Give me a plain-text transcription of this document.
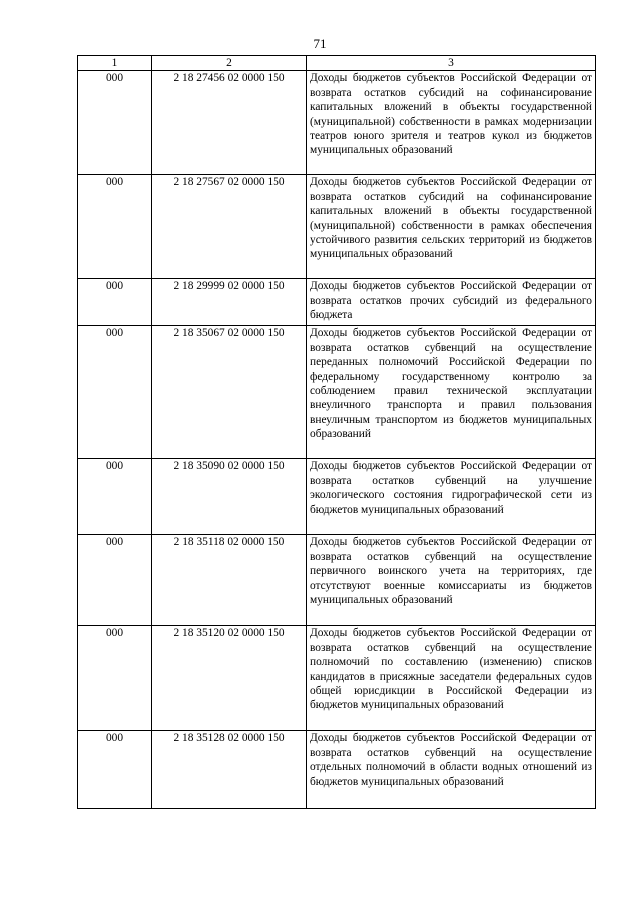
71
1	2	3
000	2 18 27456 02 0000 150	Доходы бюджетов субъектов Российской Федерации от возврата остатков субсидий на софинансирование капитальных вложений в объекты государственной (муниципальной) собственности в рамках модернизации театров юного зрителя и театров кукол из бюджетов муниципальных образований
000	2 18 27567 02 0000 150	Доходы бюджетов субъектов Российской Федерации от возврата остатков субсидий на софинансирование капитальных вложений в объекты государственной (муниципальной) собственности в рамках обеспечения устойчивого развития сельских территорий из бюджетов муниципальных образований
000	2 18 29999 02 0000 150	Доходы бюджетов субъектов Российской Федерации от возврата остатков прочих субсидий из федерального бюджета
000	2 18 35067 02 0000 150	Доходы бюджетов субъектов Российской Федерации от возврата остатков субвенций на осуществление переданных полномочий Российской Федерации по федеральному государственному контролю за соблюдением правил технической эксплуатации внеуличного транспорта и правил пользования внеуличным транспортом из бюджетов муниципальных образований
000	2 18 35090 02 0000 150	Доходы бюджетов субъектов Российской Федерации от возврата остатков субвенций на улучшение экологического состояния гидрографической сети из бюджетов муниципальных образований
000	2 18 35118 02 0000 150	Доходы бюджетов субъектов Российской Федерации от возврата остатков субвенций на осуществление первичного воинского учета на территориях, где отсутствуют военные комиссариаты из бюджетов муниципальных образований
000	2 18 35120 02 0000 150	Доходы бюджетов субъектов Российской Федерации от возврата остатков субвенций на осуществление полномочий по составлению (изменению) списков кандидатов в присяжные заседатели федеральных судов общей юрисдикции в Российской Федерации из бюджетов муниципальных образований
000	2 18 35128 02 0000 150	Доходы бюджетов субъектов Российской Федерации от возврата остатков субвенций на осуществление отдельных полномочий в области водных отношений из бюджетов муниципальных образований
